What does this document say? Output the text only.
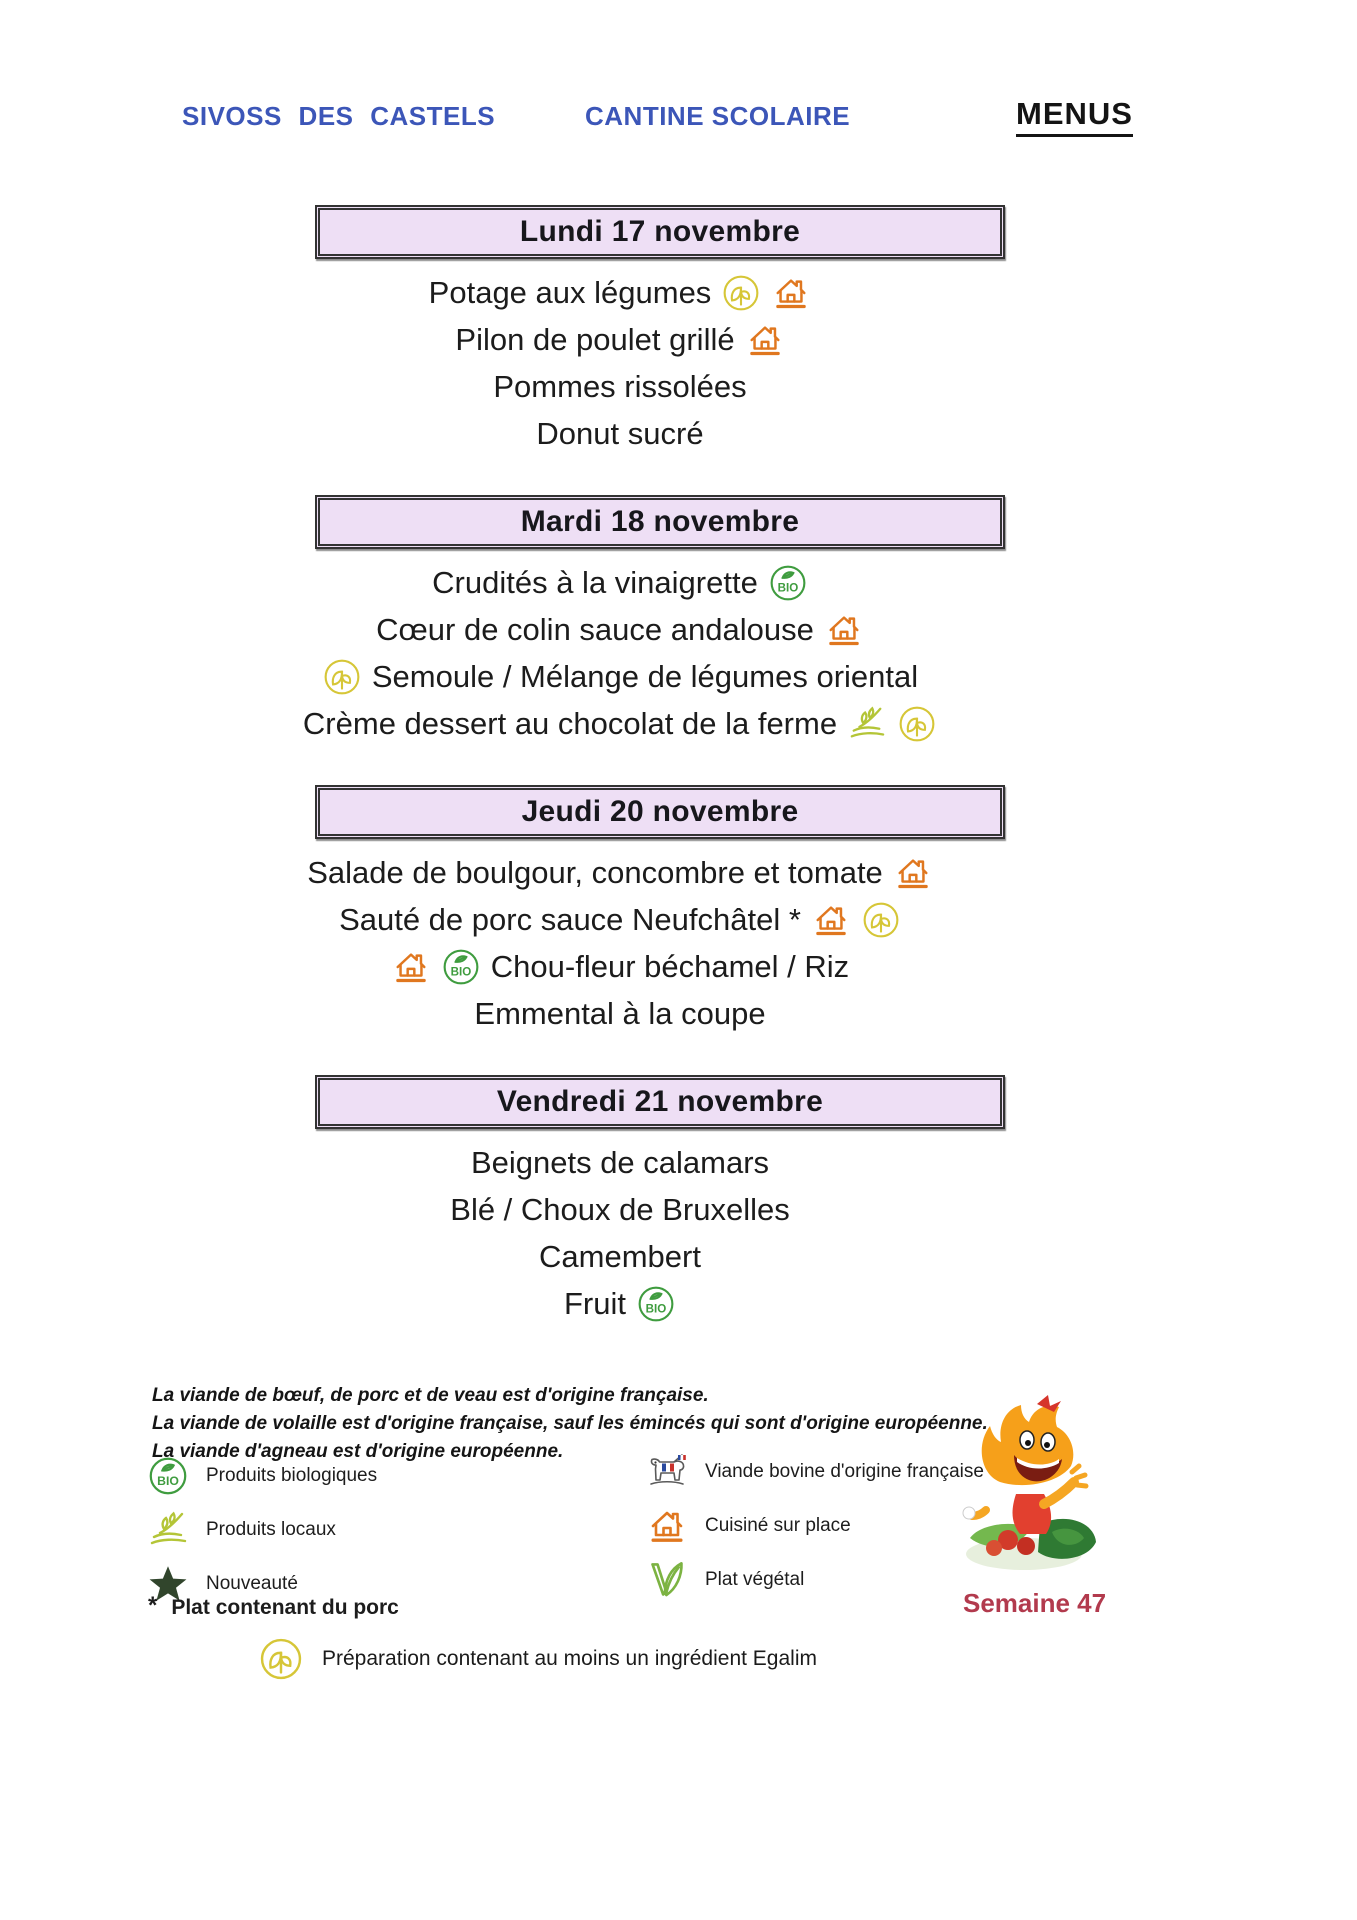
SIVOSS DES CASTELS	CANTINE SCOLAIRE	MENUS
Lundi 17 novembre
Potage aux légumes
Pilon de poulet grillé
Pommes rissolées
Donut sucré
Mardi 18 novembre
Crudités à la vinaigrette BIO
Cœur de colin sauce andalouse
Semoule / Mélange de légumes oriental
Crème dessert au chocolat de la ferme
Jeudi 20 novembre
Salade de boulgour, concombre et tomate
Sauté de porc sauce Neufchâtel *
BIO Chou-fleur béchamel / Riz
Emmental à la coupe
Vendredi 21 novembre
Beignets de calamars
Blé / Choux de Bruxelles
Camembert
Fruit BIO
La viande de bœuf, de porc et de veau est d'origine française.
La viande de volaille est d'origine française, sauf les émincés qui sont d'origine européenne.
La viande d'agneau est d'origine européenne.
BIO Produits biologiques
Produits locaux
Nouveauté
Viande bovine d'origine française
Cuisiné sur place
Plat végétal
* Plat contenant du porc	Semaine 47
Préparation contenant au moins un ingrédient Egalim
